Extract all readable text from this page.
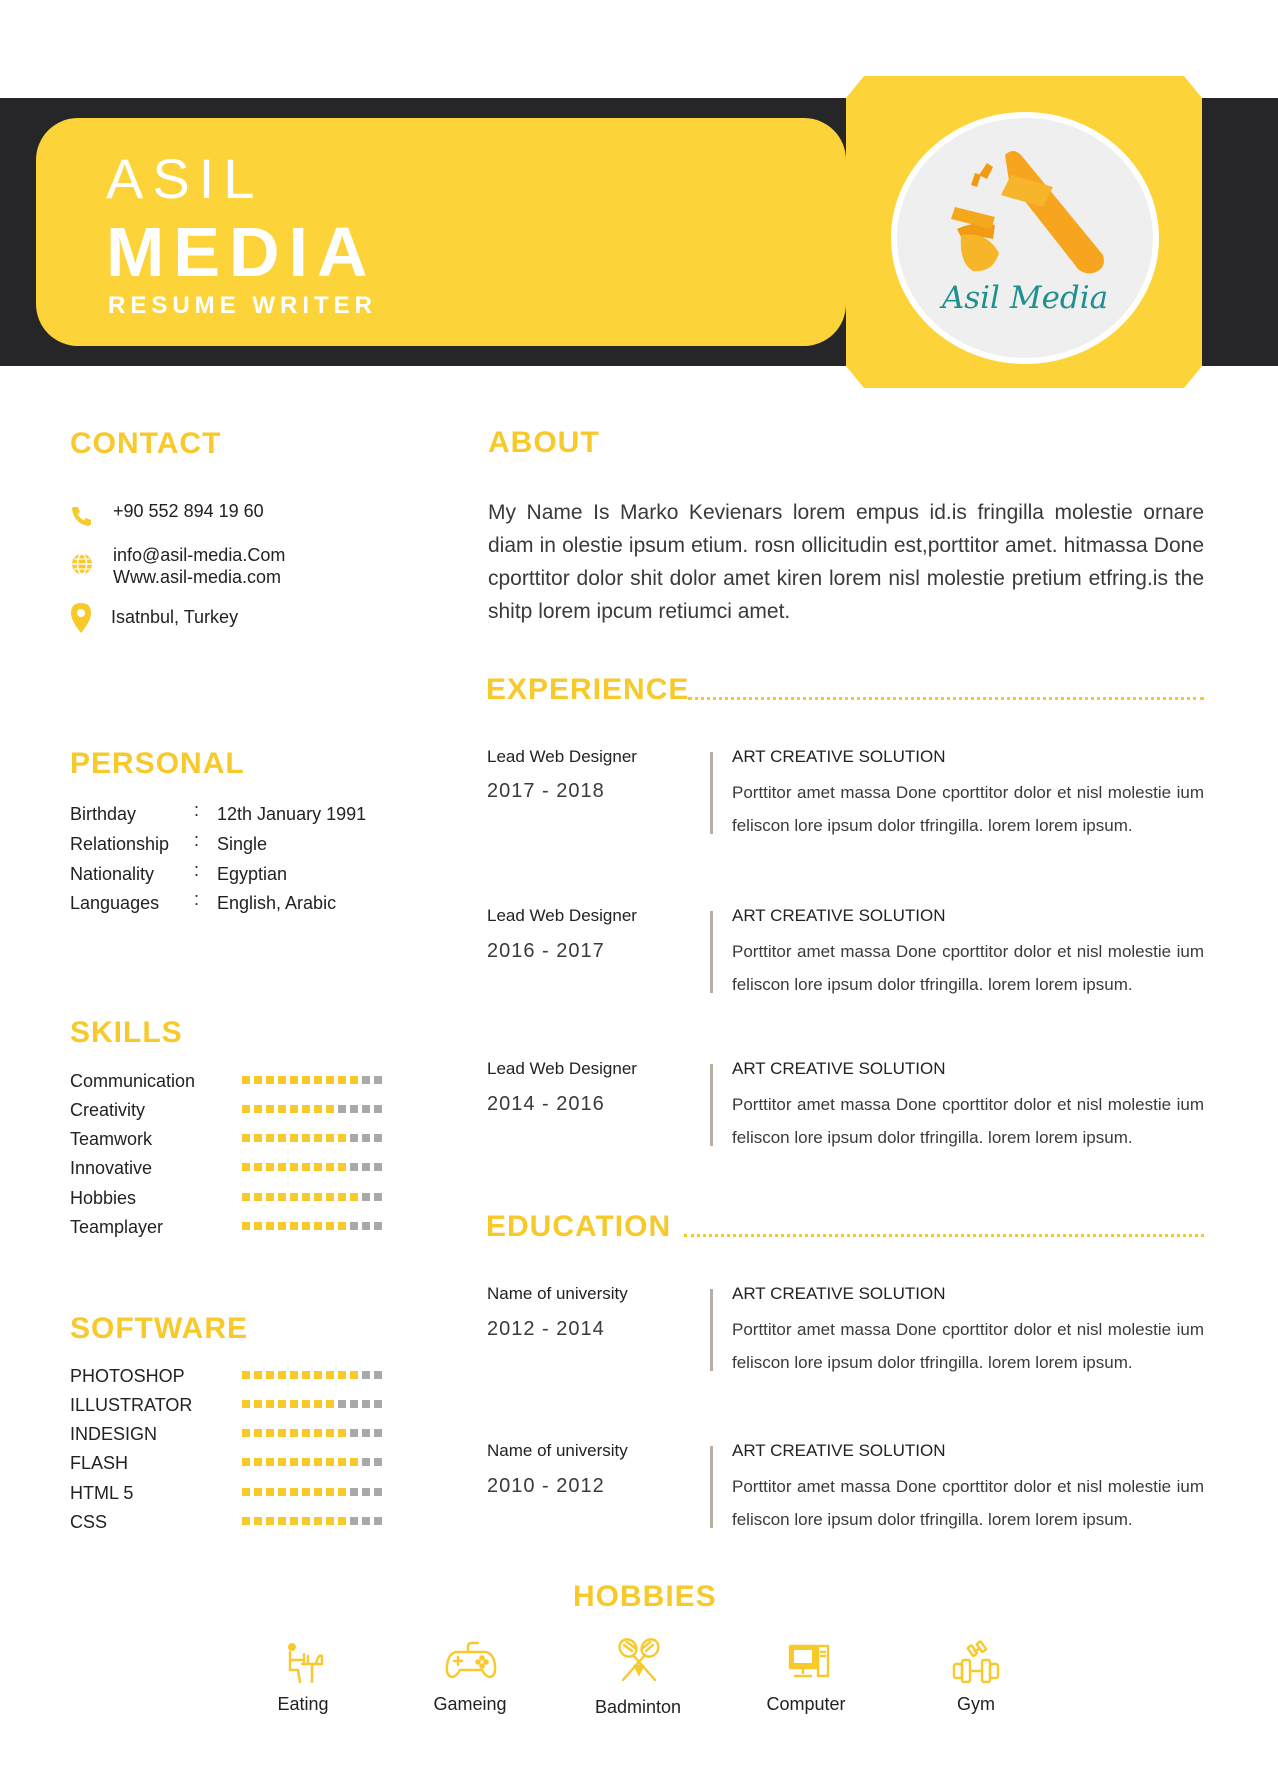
ASIL
MEDIA
RESUME WRITER	Asil Media
CONTACT
+90 552 894 19 60
info@asil-media.Com
Www.asil-media.com
Isatnbul, Turkey
PERSONAL
Birthday	: 12th January 1991
Relationship : Single
Nationality : Egyptian
Languages : English, Arabic
SKILLS
Communication
Creativity
Teamwork
Innovative
Hobbies
Teamplayer
SOFTWARE
PHOTOSHOP
ILLUSTRATOR
INDESIGN
FLASH
HTML 5
CSS
ABOUT
My Name Is Marko Kevienars lorem empus id.is fringilla molestie ornare diam in olestie ipsum etium. rosn ollicitudin est,porttitor amet. hitmassa Done cporttitor dolor shit dolor amet kiren lorem nisl molestie pretium etfring.is the shitp lorem ipcum retiumci amet.
EXPERIENCE
Lead Web Designer
2017 - 2018
ART CREATIVE SOLUTION
Porttitor amet massa Done cporttitor dolor et nisl molestie ium feliscon lore ipsum dolor tfringilla. lorem lorem ipsum.
Lead Web Designer
2016 - 2017
ART CREATIVE SOLUTION
Porttitor amet massa Done cporttitor dolor et nisl molestie ium feliscon lore ipsum dolor tfringilla. lorem lorem ipsum.
Lead Web Designer
2014 - 2016
ART CREATIVE SOLUTION
Porttitor amet massa Done cporttitor dolor et nisl molestie ium feliscon lore ipsum dolor tfringilla. lorem lorem ipsum.
EDUCATION
Name of university
2012 - 2014
ART CREATIVE SOLUTION
Porttitor amet massa Done cporttitor dolor et nisl molestie ium feliscon lore ipsum dolor tfringilla. lorem lorem ipsum.
Name of university
2010 - 2012
ART CREATIVE SOLUTION
Porttitor amet massa Done cporttitor dolor et nisl molestie ium feliscon lore ipsum dolor tfringilla. lorem lorem ipsum.
HOBBIES
Eating	Gameing	Badminton	Computer	Gym
